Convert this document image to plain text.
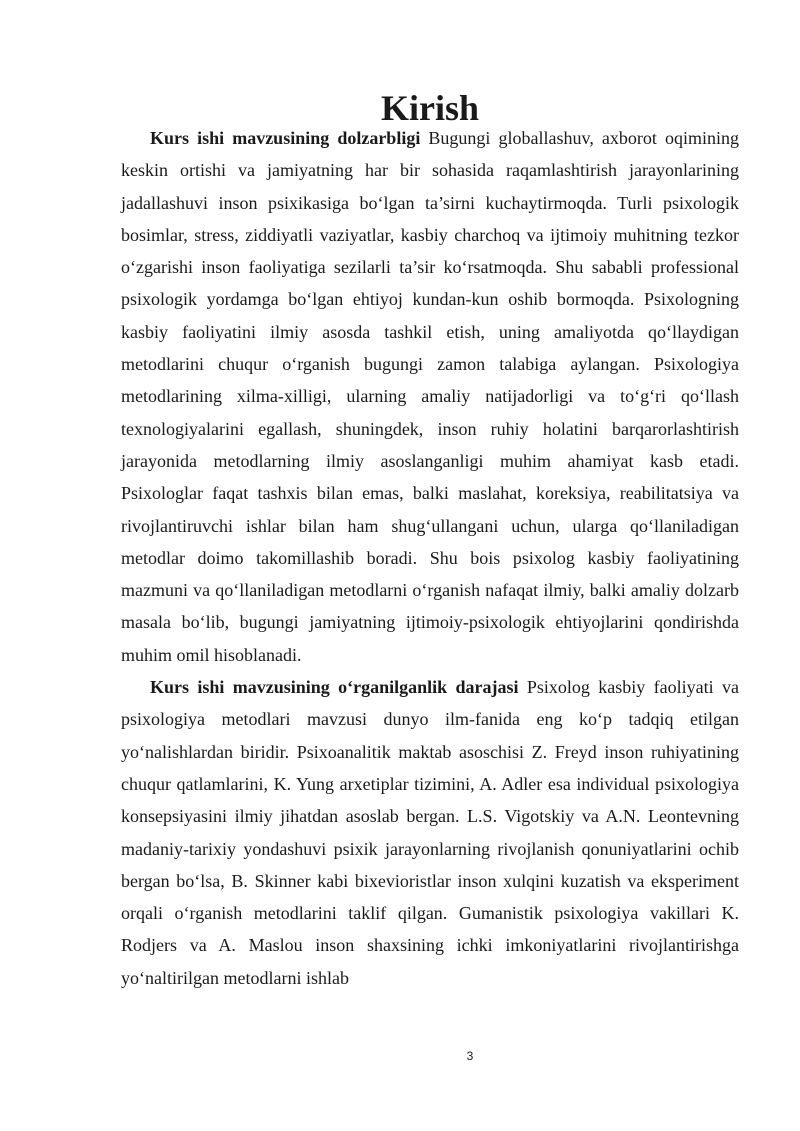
Kirish

Kurs ishi mavzusining dolzarbligi Bugungi globallashuv, axborot oqimining keskin ortishi va jamiyatning har bir sohasida raqamlashtirish jarayonlarining jadallashuvi inson psixikasiga bo‘lgan ta’sirni kuchaytirmoqda. Turli psixologik bosimlar, stress, ziddiyatli vaziyatlar, kasbiy charchoq va ijtimoiy muhitning tezkor o‘zgarishi inson faoliyatiga sezilarli ta’sir ko‘rsatmoqda. Shu sababli professional psixologik yordamga bo‘lgan ehtiyoj kundan-kun oshib bormoqda. Psixologning kasbiy faoliyatini ilmiy asosda tashkil etish, uning amaliyotda qo‘llaydigan metodlarini chuqur o‘rganish bugungi zamon talabiga aylangan. Psixologiya metodlarining xilma-xilligi, ularning amaliy natijadorligi va to‘g‘ri qo‘llash texnologiyalarini egallash, shuningdek, inson ruhiy holatini barqarorlashtirish jarayonida metodlarning ilmiy asoslanganligi muhim ahamiyat kasb etadi. Psixologlar faqat tashxis bilan emas, balki maslahat, koreksiya, reabilitatsiya va rivojlantiruvchi ishlar bilan ham shug‘ullangani uchun, ularga qo‘llaniladigan metodlar doimo takomillashib boradi. Shu bois psixolog kasbiy faoliyatining mazmuni va qo‘llaniladigan metodlarni o‘rganish nafaqat ilmiy, balki amaliy dolzarb masala bo‘lib, bugungi jamiyatning ijtimoiy-psixologik ehtiyojlarini qondirishda muhim omil hisoblanadi.

Kurs ishi mavzusining o‘rganilganlik darajasi Psixolog kasbiy faoliyati va psixologiya metodlari mavzusi dunyo ilm-fanida eng ko‘p tadqiq etilgan yo‘nalishlardan biridir. Psixoanalitik maktab asoschisi Z. Freyd inson ruhiyatining chuqur qatlamlarini, K. Yung arxetiplar tizimini, A. Adler esa individual psixologiya konsepsiyasini ilmiy jihatdan asoslab bergan. L.S. Vigotskiy va A.N. Leontevning madaniy-tarixiy yondashuvi psixik jarayonlarning rivojlanish qonuniyatlarini ochib bergan bo‘lsa, B. Skinner kabi bixevioristlar inson xulqini kuzatish va eksperiment orqali o‘rganish metodlarini taklif qilgan. Gumanistik psixologiya vakillari K. Rodjers va A. Maslou inson shaxsining ichki imkoniyatlarini rivojlantirishga yo‘naltirilgan metodlarni ishlab

3
